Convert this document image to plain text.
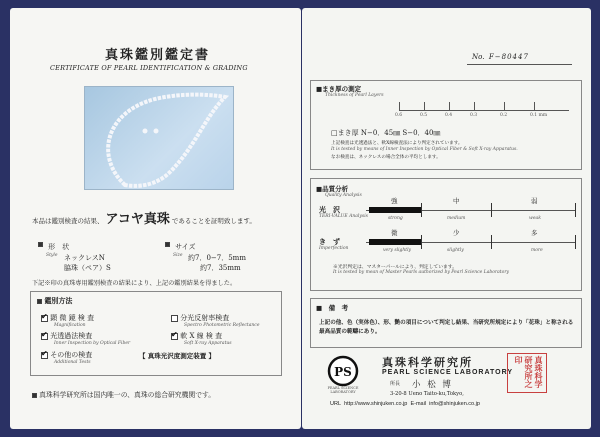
真珠鑑別鑑定書
CERTIFICATE OF PEARL IDENTIFICATION & GRADING
本品は鑑別検査の結果、 アコヤ真珠 であることを証明致します。
形　状
Style ネックレスN
脇珠（ペア）S
サイズ
Size 約7．0−7．5mm
約7．35mm
下記※印の真珠専用鑑別検査の結果により、上記の鑑別結果を得ました。
鑑別方法
✔ 顕 微 鏡 検 査
Magnification
分光反射率検査
Spectro Photometric Reflectance
✔ 光透過法検査
Inner Inspection by Optical Fiber
✔ 軟 X 線 検 査
Soft X-ray Apparatus
✔ その他の検査
Additional Tests
【 真珠光沢度測定装置 】
真珠科学研究所は国内唯一の、真珠の総合研究機関です。
No. F−80447
■まき厚の測定
Thickness of Pearl Layers
0.6	0.5	0.4	0.3	0.2	0.1 mm
□まき厚 N−0．45㎜ S−0．40㎜
上記検査は光透過法と、軟X線検査法により判定されています。
It is tested by means of Inner Inspection by Optical Fiber & Soft X-ray Apparatus.
なお検査は、ネックレスの場合全体の平均とします。
■品質分析
Quality Analysis
光　沢
TERI-VALUE Analysis
強	中	弱
strong	medium	weak
き　ず
Imperfection
微	少	多
very slightly	slightly	more
※光沢判定は、マスターパールにより、判定しています。
It is tested by mean of Master Pearls authorized by Pearl Science Laboratory
■　備　考
上記の他、色（実体色）、形、艶の項目について判定し結果、当研究所規定により「花珠」と称される最高品質の範疇にあり。
PS
PEARL SCIENCE LABORATORY
真珠科学研究所
PEARL SCIENCE LABORATORY
所長 小 松 博
3-20-8 Ueno Taito-ku,Tokyo,
URL http://www.shinjuken.co.jp E-mail info@shinjuken.co.jp
真珠科学研究所之印
